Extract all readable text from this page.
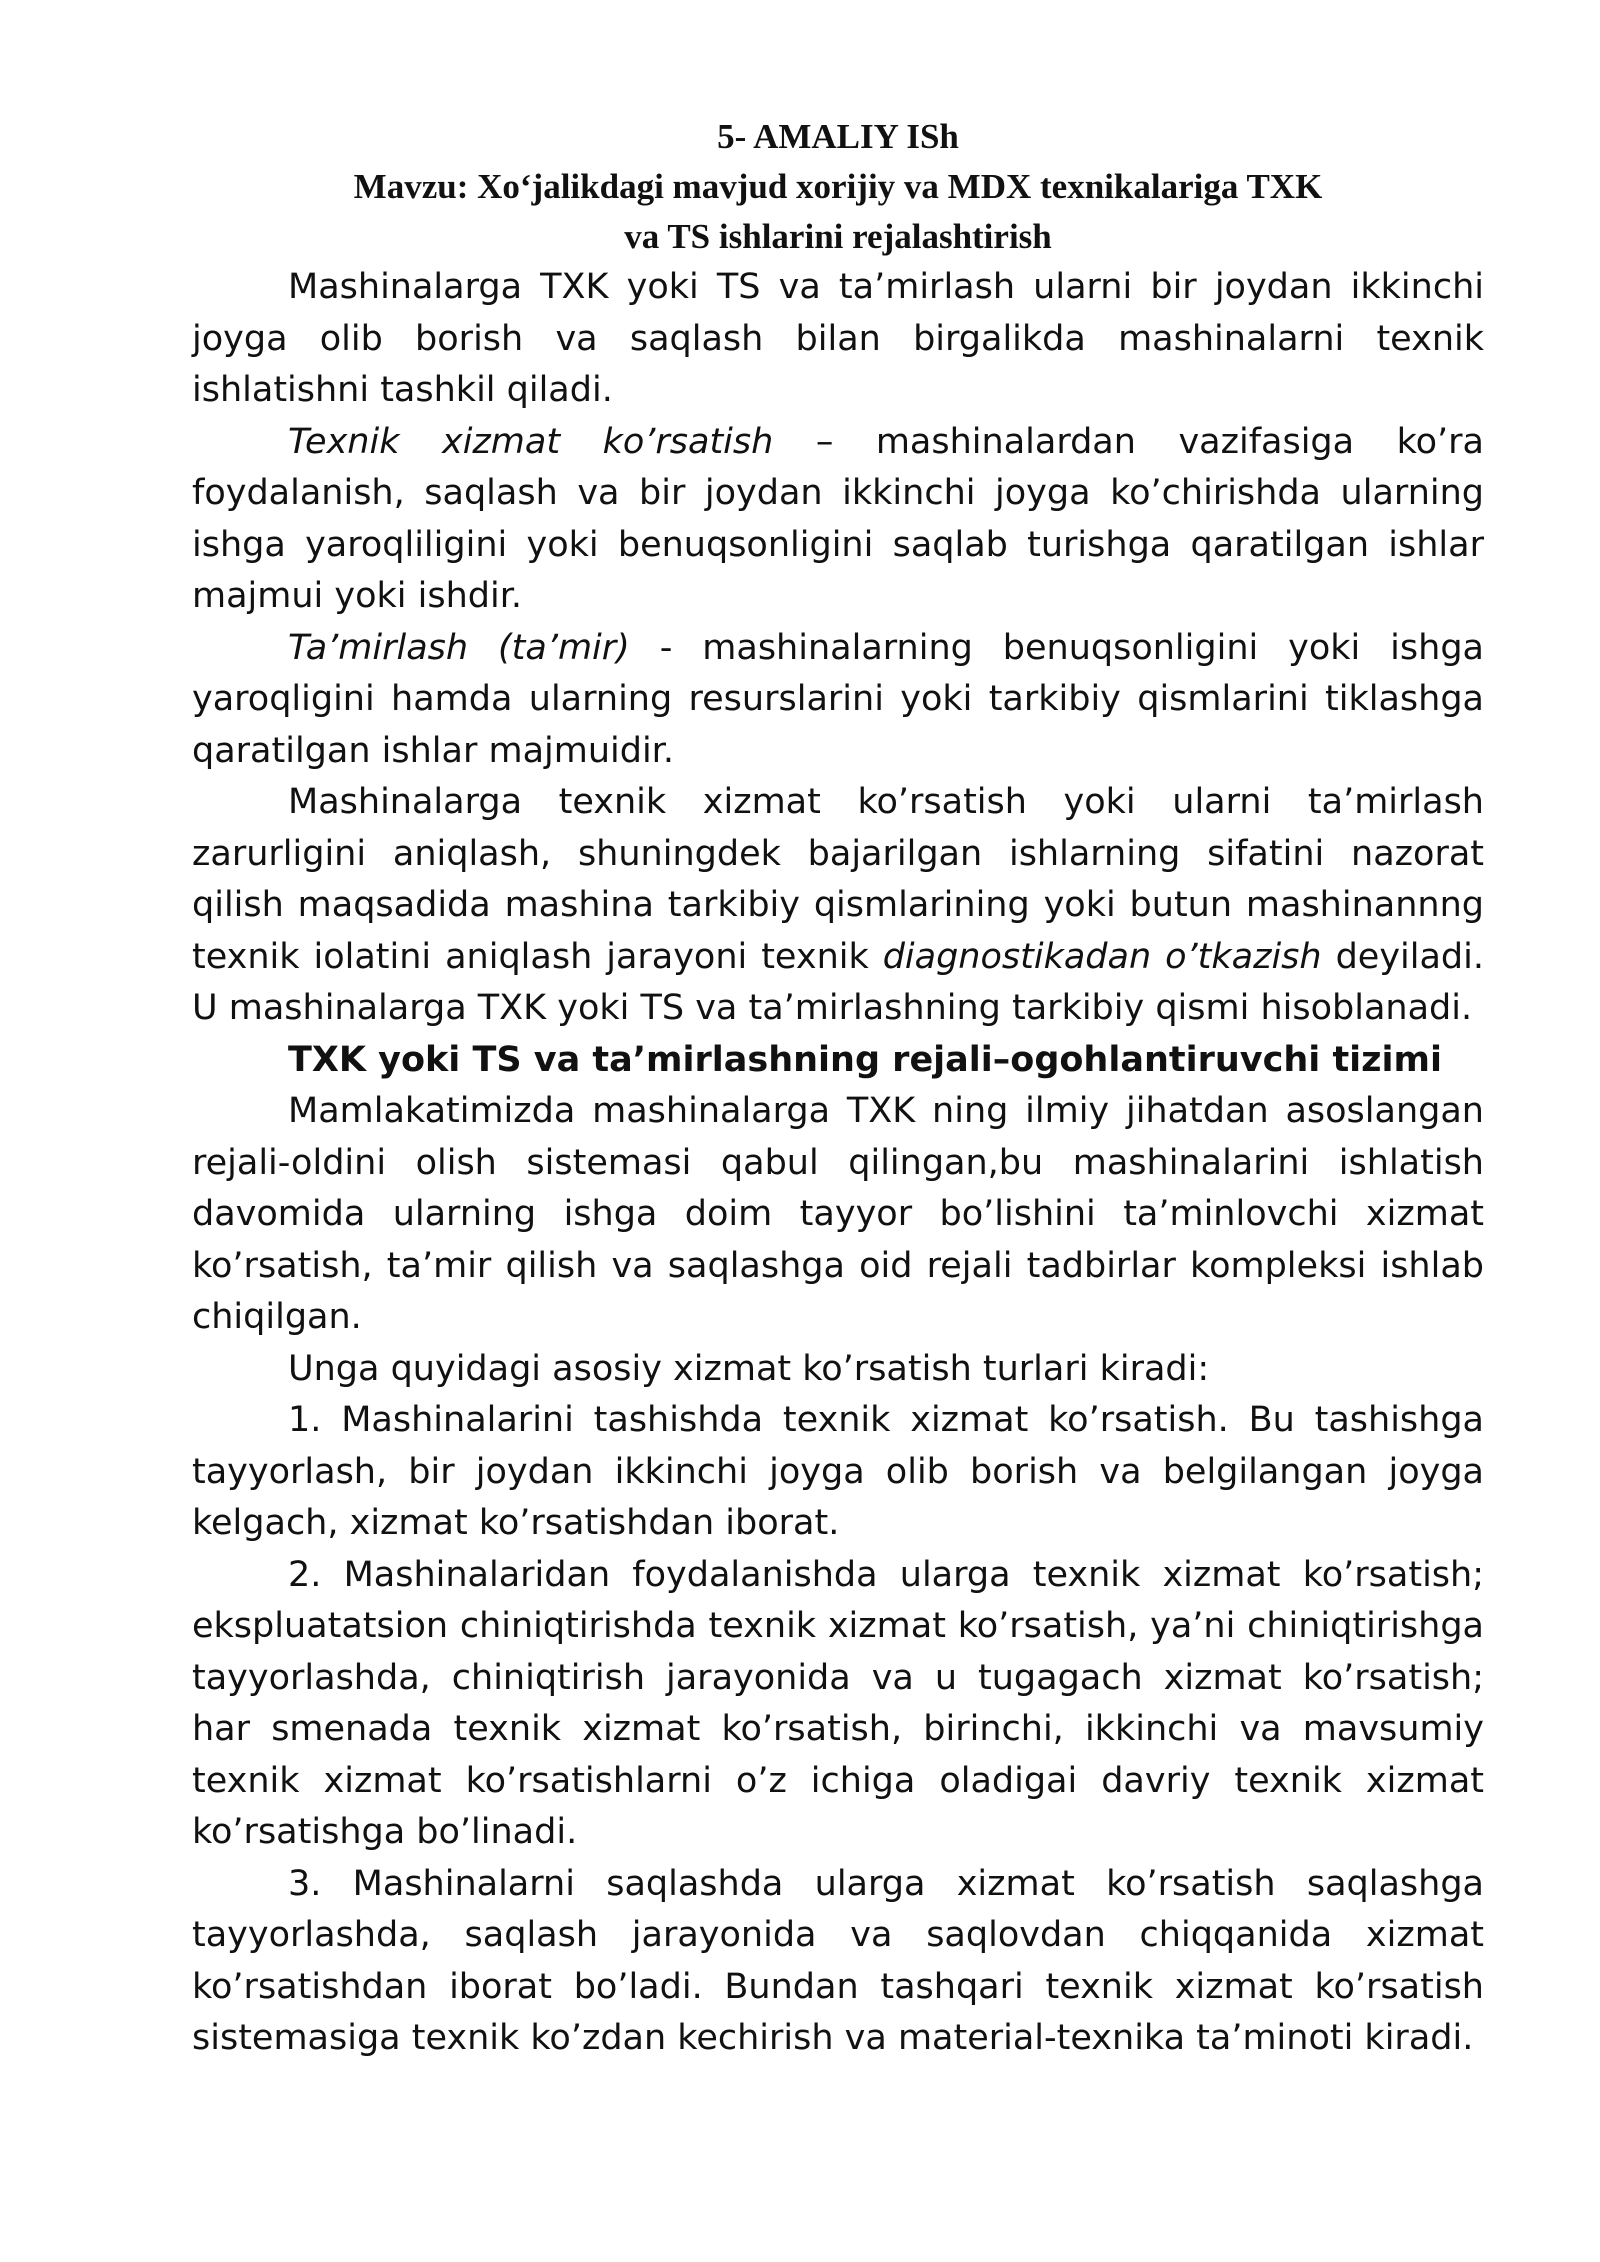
5- AMALIY ISh

Mavzu: Xo‘jalikdagi mavjud xorijiy va MDX texnikalariga TXK

va TS ishlarini rejalashtirish

Mashinalarga TXK yoki TS va ta’mirlash ularni bir joydan ikkinchi joyga olib borish va saqlash bilan birgalikda mashinalarni texnik ishlatishni tashkil qiladi.

Texnik xizmat ko’rsatish – mashinalardan vazifasiga ko’ra foydalanish, saqlash va bir joydan ikkinchi joyga ko’chirishda ularning ishga yaroqliligini yoki benuqsonligini saqlab turishga qaratilgan ishlar majmui yoki ishdir.

Ta’mirlash (ta’mir) - mashinalarning benuqsonligini yoki ishga yaroqligini hamda ularning resurslarini yoki tarkibiy qismlarini tiklashga qaratilgan ishlar majmuidir.

Mashinalarga texnik xizmat ko’rsatish yoki ularni ta’mirlash zarurligini aniqlash, shuningdek bajarilgan ishlarning sifatini nazorat qilish maqsadida mashina tarkibiy qismlarining yoki butun mashinannng texnik iolatini aniqlash jarayoni texnik diagnostikadan o’tkazish deyiladi. U mashinalarga TXK yoki TS va ta’mirlashning tarkibiy qismi hisoblanadi.

TXK yoki TS va ta’mirlashning rejali–ogohlantiruvchi tizimi

Mamlakatimizda mashinalarga TXK ning ilmiy jihatdan asoslangan rejali-oldini olish sistemasi qabul qilingan,bu mashinalarini ishlatish davomida ularning ishga doim tayyor bo’lishini ta’minlovchi xizmat ko’rsatish, ta’mir qilish va saqlashga oid rejali tadbirlar kompleksi ishlab chiqilgan.

Unga quyidagi asosiy xizmat ko’rsatish turlari kiradi:

1. Mashinalarini tashishda texnik xizmat ko’rsatish. Bu tashishga tayyorlash, bir joydan ikkinchi joyga olib borish va belgilangan joyga kelgach, xizmat ko’rsatishdan iborat.

2. Mashinalaridan foydalanishda ularga texnik xizmat ko’rsatish; ekspluatatsion chiniqtirishda texnik xizmat ko’rsatish, ya’ni chiniqtirishga tayyorlashda, chiniqtirish jarayonida va u tugagach xizmat ko’rsatish; har smenada texnik xizmat ko’rsatish, birinchi, ikkinchi va mavsumiy texnik xizmat ko’rsatishlarni o’z ichiga oladigai davriy texnik xizmat ko’rsatishga bo’linadi.

3. Mashinalarni saqlashda ularga xizmat ko’rsatish saqlashga tayyorlashda, saqlash jarayonida va saqlovdan chiqqanida xizmat ko’rsatishdan iborat bo’ladi. Bundan tashqari texnik xizmat ko’rsatish sistemasiga texnik ko’zdan kechirish va material-texnika ta’minoti kiradi.
